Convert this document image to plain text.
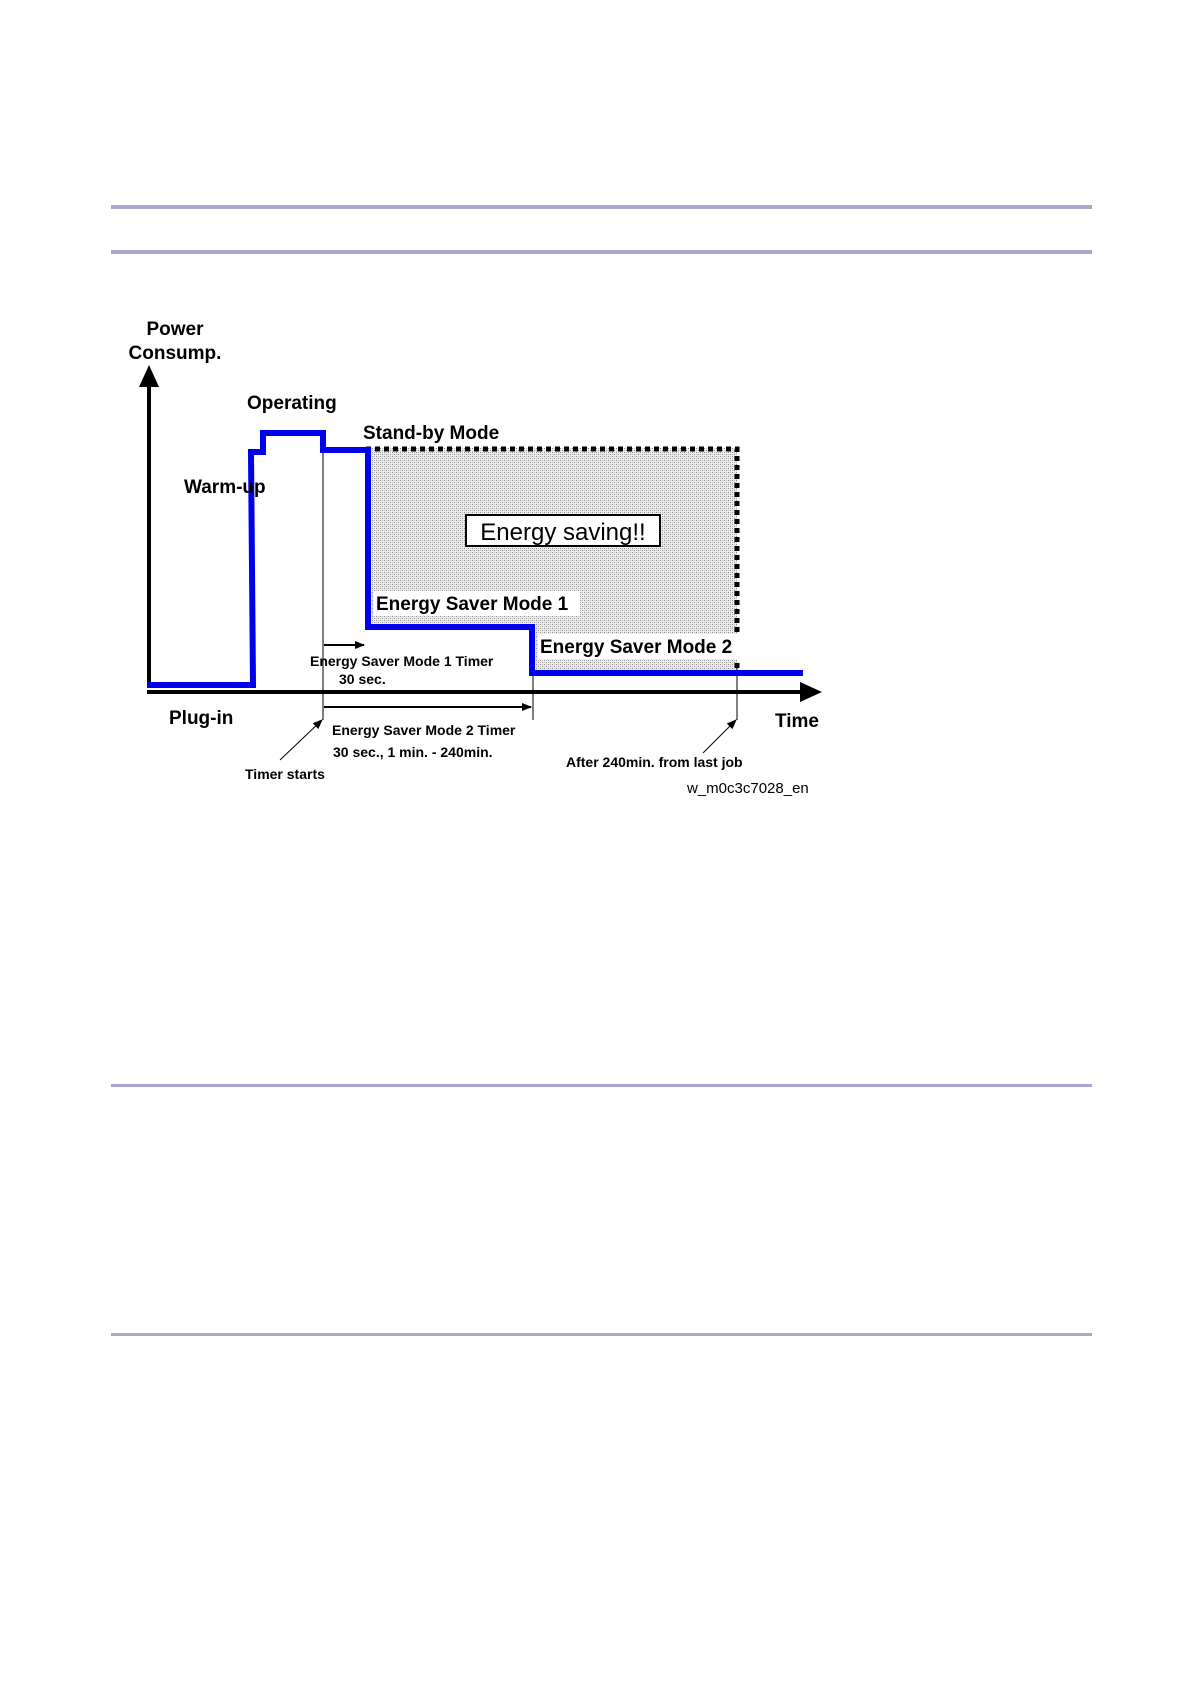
Energy saving!!
Power
Consump.
Operating
Stand-by Mode
Warm-up
Energy Saver Mode 1
Energy Saver Mode 2
Energy Saver Mode 1 Timer
30 sec.
Plug-in	Time
Energy Saver Mode 2 Timer
30 sec., 1 min. - 240min.
Timer starts
After 240min. from last job
w_m0c3c7028_en
